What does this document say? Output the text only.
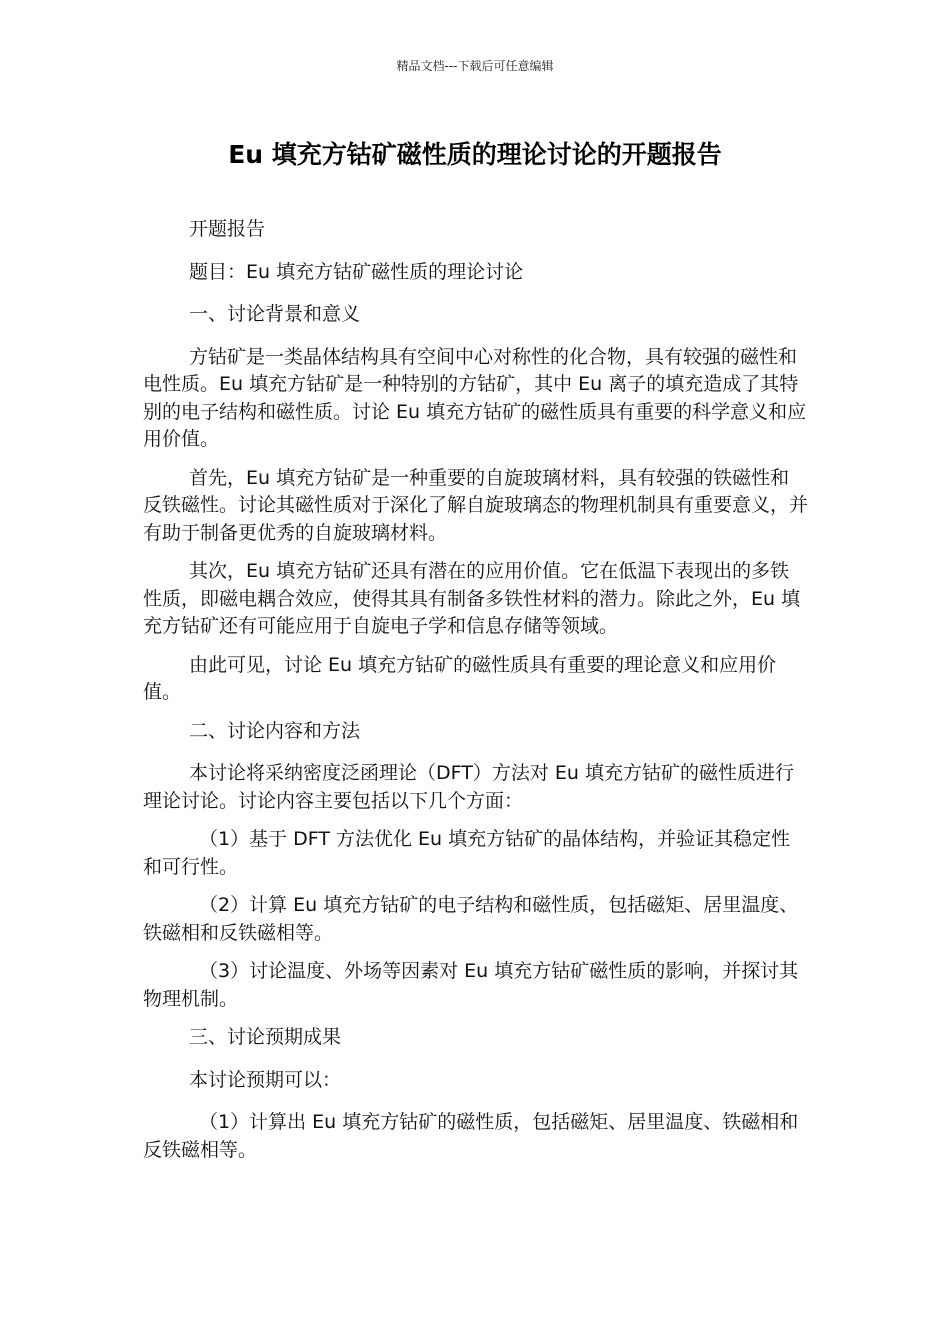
精品文档---下载后可任意编辑
Eu 填充方钴矿磁性质的理论讨论的开题报告

开题报告

题目：Eu 填充方钴矿磁性质的理论讨论

一、讨论背景和意义

方钴矿是一类晶体结构具有空间中心对称性的化合物，具有较强的磁性和电性质。Eu 填充方钴矿是一种特别的方钴矿，其中 Eu 离子的填充造成了其特别的电子结构和磁性质。讨论 Eu 填充方钴矿的磁性质具有重要的科学意义和应用价值。

首先，Eu 填充方钴矿是一种重要的自旋玻璃材料，具有较强的铁磁性和反铁磁性。讨论其磁性质对于深化了解自旋玻璃态的物理机制具有重要意义，并有助于制备更优秀的自旋玻璃材料。

其次，Eu 填充方钴矿还具有潜在的应用价值。它在低温下表现出的多铁性质，即磁电耦合效应，使得其具有制备多铁性材料的潜力。除此之外，Eu 填充方钴矿还有可能应用于自旋电子学和信息存储等领域。

由此可见，讨论 Eu 填充方钴矿的磁性质具有重要的理论意义和应用价值。

二、讨论内容和方法

本讨论将采纳密度泛函理论（DFT）方法对 Eu 填充方钴矿的磁性质进行理论讨论。讨论内容主要包括以下几个方面：

（1）基于 DFT 方法优化 Eu 填充方钴矿的晶体结构，并验证其稳定性和可行性。

（2）计算 Eu 填充方钴矿的电子结构和磁性质，包括磁矩、居里温度、铁磁相和反铁磁相等。

（3）讨论温度、外场等因素对 Eu 填充方钴矿磁性质的影响，并探讨其物理机制。

三、讨论预期成果

本讨论预期可以：

（1）计算出 Eu 填充方钴矿的磁性质，包括磁矩、居里温度、铁磁相和反铁磁相等。
